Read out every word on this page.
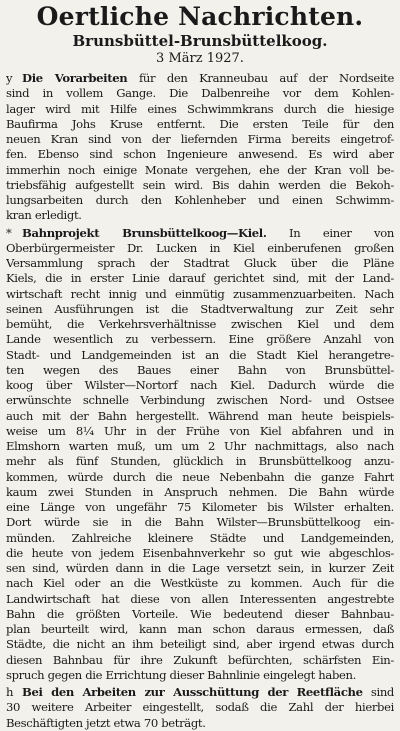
Oertliche Nachrichten.
Brunsbüttel-Brunsbüttelkoog.
3 März 1927.
y Die Vorarbeiten für den Kranneubau auf der Nordseite
sind in vollem Gange. Die Dalbenreihe vor dem Kohlen-
lager wird mit Hilfe eines Schwimmkrans durch die hiesige
Baufirma Johs Kruse entfernt. Die ersten Teile für den
neuen Kran sind von der liefernden Firma bereits eingetrof-
fen. Ebenso sind schon Ingenieure anwesend. Es wird aber
immerhin noch einige Monate vergehen, ehe der Kran voll be-
triebsfähig aufgestellt sein wird. Bis dahin werden die Bekoh-
lungsarbeiten durch den Kohlenheber und einen Schwimm-
kran erledigt.
* Bahnprojekt Brunsbüttelkoog—Kiel. In einer von
Oberbürgermeister Dr. Lucken in Kiel einberufenen großen
Versammlung sprach der Stadtrat Gluck über die Pläne
Kiels, die in erster Linie darauf gerichtet sind, mit der Land-
wirtschaft recht innig und einmütig zusammenzuarbeiten. Nach
seinen Ausführungen ist die Stadtverwaltung zur Zeit sehr
bemüht, die Verkehrsverhältnisse zwischen Kiel und dem
Lande wesentlich zu verbessern. Eine größere Anzahl von
Stadt- und Landgemeinden ist an die Stadt Kiel herangetre-
ten wegen des Baues einer Bahn von Brunsbüttel-
koog über Wilster—Nortorf nach Kiel. Dadurch würde die
erwünschte schnelle Verbindung zwischen Nord- und Ostsee
auch mit der Bahn hergestellt. Während man heute beispiels-
weise um 8¼ Uhr in der Frühe von Kiel abfahren und in
Elmshorn warten muß, um um 2 Uhr nachmittags, also nach
mehr als fünf Stunden, glücklich in Brunsbüttelkoog anzu-
kommen, würde durch die neue Nebenbahn die ganze Fahrt
kaum zwei Stunden in Anspruch nehmen. Die Bahn würde
eine Länge von ungefähr 75 Kilometer bis Wilster erhalten.
Dort würde sie in die Bahn Wilster—Brunsbüttelkoog ein-
münden. Zahlreiche kleinere Städte und Landgemeinden,
die heute von jedem Eisenbahnverkehr so gut wie abgeschlos-
sen sind, würden dann in die Lage versetzt sein, in kurzer Zeit
nach Kiel oder an die Westküste zu kommen. Auch für die
Landwirtschaft hat diese von allen Interessenten angestrebte
Bahn die größten Vorteile. Wie bedeutend dieser Bahnbau-
plan beurteilt wird, kann man schon daraus ermessen, daß
Städte, die nicht an ihm beteiligt sind, aber irgend etwas durch
diesen Bahnbau für ihre Zukunft befürchten, schärfsten Ein-
spruch gegen die Errichtung dieser Bahnlinie eingelegt haben.
h Bei den Arbeiten zur Ausschüttung der Reetfläche sind
30 weitere Arbeiter eingestellt, sodaß die Zahl der hierbei
Beschäftigten jetzt etwa 70 beträgt.
